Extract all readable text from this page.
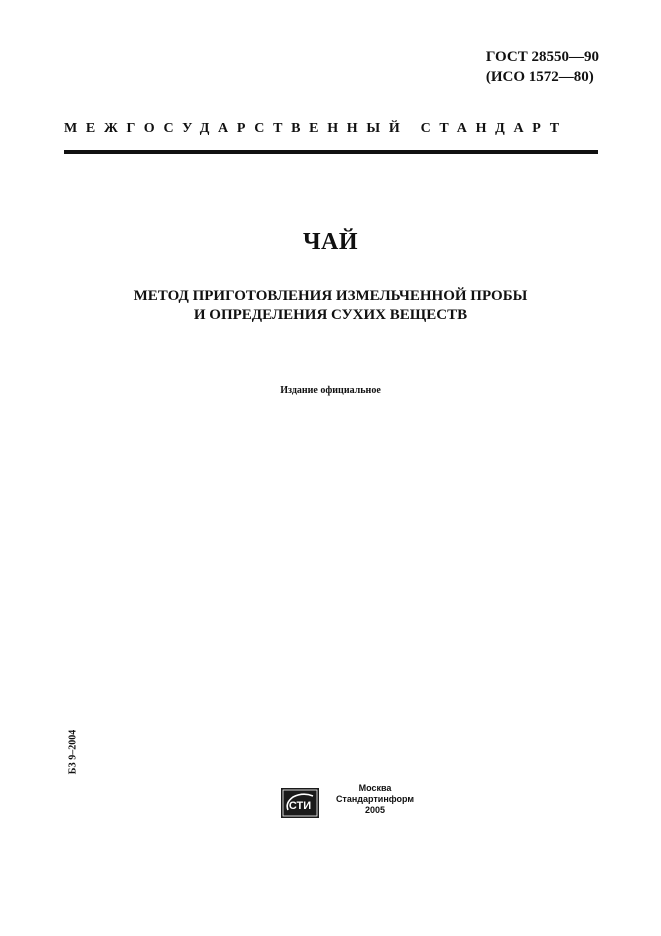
ГОСТ 28550—90
(ИСО 1572—80)
МЕЖГОСУДАРСТВЕННЫЙ СТАНДАРТ
ЧАЙ
МЕТОД ПРИГОТОВЛЕНИЯ ИЗМЕЛЬЧЕННОЙ ПРОБЫ
И ОПРЕДЕЛЕНИЯ СУХИХ ВЕЩЕСТВ
Издание официальное
БЗ 9–2004
СТИ
Москва
Стандартинформ
2005
